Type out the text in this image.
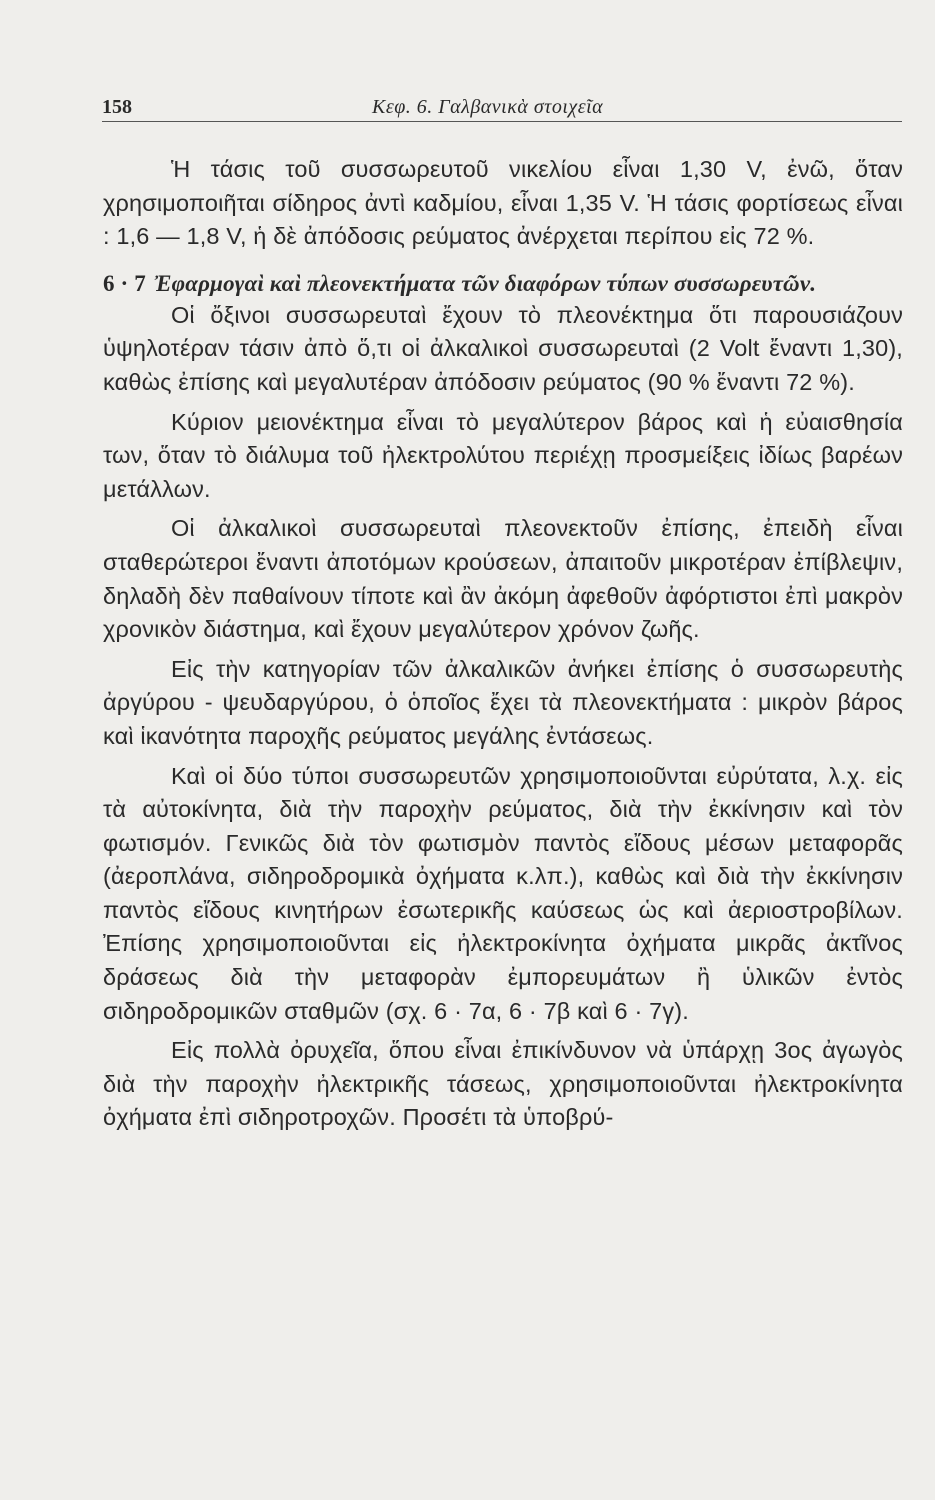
158	Κεφ. 6. Γαλβανικὰ στοιχεῖα

Ἡ τάσις τοῦ συσσωρευτοῦ νικελίου εἶναι 1,30 V, ἐνῶ, ὅταν χρησιμοποιῆται σίδηρος ἀντὶ καδμίου, εἶναι 1,35 V. Ἡ τάσις φορτίσεως εἶναι : 1,6 — 1,8 V, ἡ δὲ ἀπόδοσις ρεύματος ἀνέρχεται περίπου εἰς 72 %.

6 · 7 Ἐφαρμογαὶ καὶ πλεονεκτήματα τῶν διαφόρων τύπων συσσωρευτῶν.

Οἱ ὄξινοι συσσωρευταὶ ἔχουν τὸ πλεονέκτημα ὅτι παρουσιάζουν ὑψηλοτέραν τάσιν ἀπὸ ὅ,τι οἱ ἀλκαλικοὶ συσσωρευταὶ (2 Volt ἔναντι 1,30), καθὼς ἐπίσης καὶ μεγαλυτέραν ἀπόδοσιν ρεύματος (90 % ἔναντι 72 %).

Κύριον μειονέκτημα εἶναι τὸ μεγαλύτερον βάρος καὶ ἡ εὐαισθησία των, ὅταν τὸ διάλυμα τοῦ ἠλεκτρολύτου περιέχῃ προσμείξεις ἰδίως βαρέων μετάλλων.

Οἱ ἀλκαλικοὶ συσσωρευταὶ πλεονεκτοῦν ἐπίσης, ἐπειδὴ εἶναι σταθερώτεροι ἔναντι ἀποτόμων κρούσεων, ἀπαιτοῦν μικροτέραν ἐπίβλεψιν, δηλαδὴ δὲν παθαίνουν τίποτε καὶ ἂν ἀκόμη ἀφεθοῦν ἀφόρτιστοι ἐπὶ μακρὸν χρονικὸν διάστημα, καὶ ἔχουν μεγαλύτερον χρόνον ζωῆς.

Εἰς τὴν κατηγορίαν τῶν ἀλκαλικῶν ἀνήκει ἐπίσης ὁ συσσωρευτὴς ἀργύρου - ψευδαργύρου, ὁ ὁποῖος ἔχει τὰ πλεονεκτήματα : μικρὸν βάρος καὶ ἱκανότητα παροχῆς ρεύματος μεγάλης ἐντάσεως.

Καὶ οἱ δύο τύποι συσσωρευτῶν χρησιμοποιοῦνται εὐρύτατα, λ.χ. εἰς τὰ αὐτοκίνητα, διὰ τὴν παροχὴν ρεύματος, διὰ τὴν ἐκκίνησιν καὶ τὸν φωτισμόν. Γενικῶς διὰ τὸν φωτισμὸν παντὸς εἴδους μέσων μεταφορᾶς (ἀεροπλάνα, σιδηροδρομικὰ ὀχήματα κ.λπ.), καθὼς καὶ διὰ τὴν ἐκκίνησιν παντὸς εἴδους κινητήρων ἐσωτερικῆς καύσεως ὡς καὶ ἀεριοστροβίλων. Ἐπίσης χρησιμοποιοῦνται εἰς ἠλεκτροκίνητα ὀχήματα μικρᾶς ἀκτῖνος δράσεως διὰ τὴν μεταφορὰν ἐμπορευμάτων ἢ ὑλικῶν ἐντὸς σιδηροδρομικῶν σταθμῶν (σχ. 6 · 7α, 6 · 7β καὶ 6 · 7γ).

Εἰς πολλὰ ὀρυχεῖα, ὅπου εἶναι ἐπικίνδυνον νὰ ὑπάρχῃ 3ος ἀγωγὸς διὰ τὴν παροχὴν ἠλεκτρικῆς τάσεως, χρησιμοποιοῦνται ἠλεκτροκίνητα ὀχήματα ἐπὶ σιδηροτροχῶν. Προσέτι τὰ ὑποβρύ-
